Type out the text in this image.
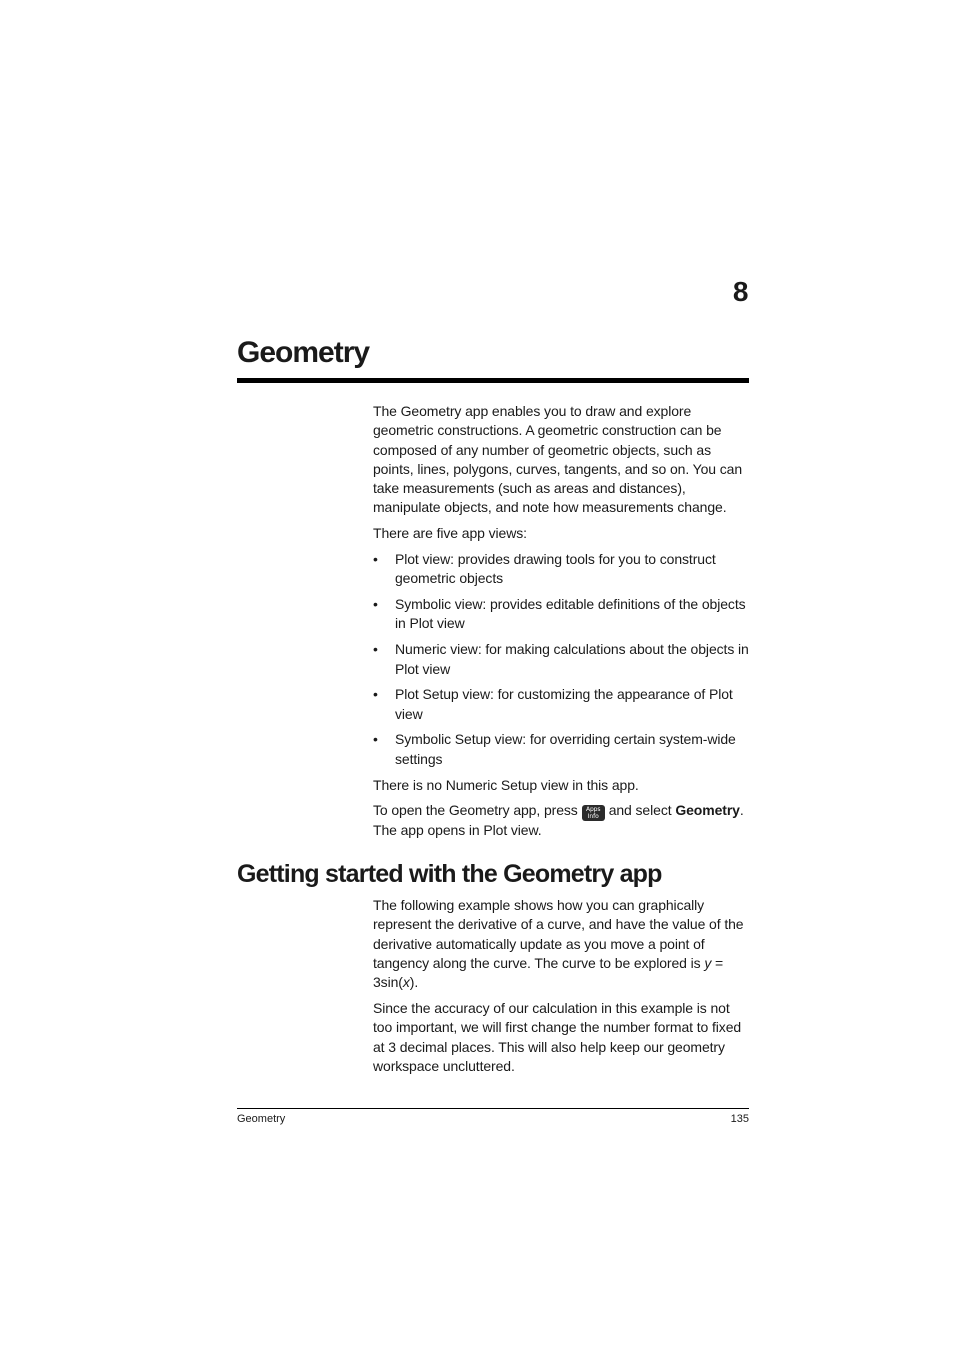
8
Geometry

The Geometry app enables you to draw and explore geometric constructions. A geometric construction can be composed of any number of geometric objects, such as points, lines, polygons, curves, tangents, and so on. You can take measurements (such as areas and distances), manipulate objects, and note how measurements change.

There are five app views:

• Plot view: provides drawing tools for you to construct geometric objects
• Symbolic view: provides editable definitions of the objects in Plot view
• Numeric view: for making calculations about the objects in Plot view
• Plot Setup view: for customizing the appearance of Plot view
• Symbolic Setup view: for overriding certain system-wide settings

There is no Numeric Setup view in this app.

To open the Geometry app, press	Apps
Info and select Geometry. The app opens in Plot view.

Getting started with the Geometry app

The following example shows how you can graphically represent the derivative of a curve, and have the value of the derivative automatically update as you move a point of tangency along the curve. The curve to be explored is y = 3sin(x).

Since the accuracy of our calculation in this example is not too important, we will first change the number format to fixed at 3 decimal places. This will also help keep our geometry workspace uncluttered.

Geometry	135
